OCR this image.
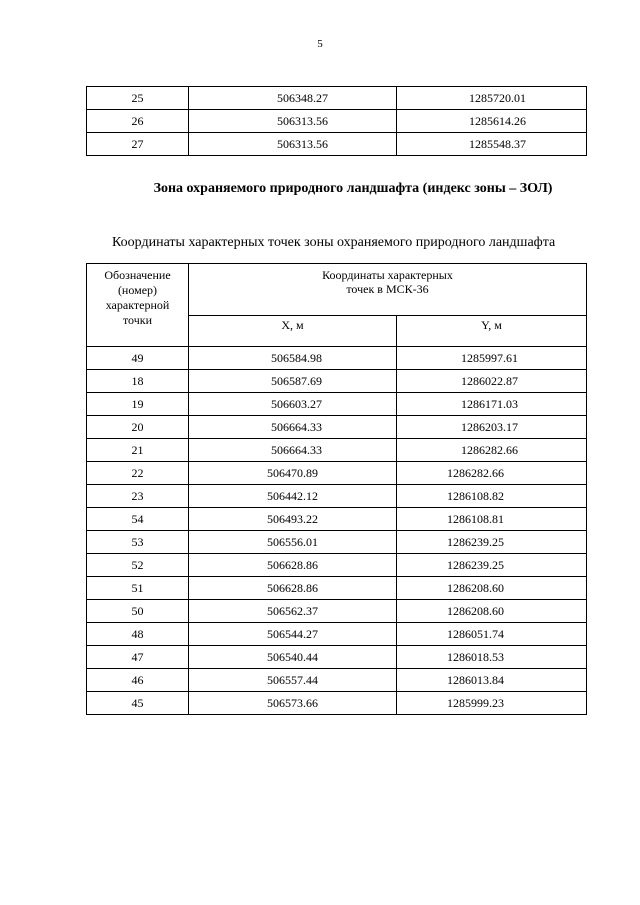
5
25	506348.27	1285720.01
26	506313.56	1285614.26
27	506313.56	1285548.37
Зона охраняемого природного ландшафта (индекс зоны – ЗОЛ)
Координаты характерных точек зоны охраняемого природного ландшафта
Обозначение
(номер)
характерной
точки	Координаты характерных
точек в МСК-36	

	X, м	Y, м
49	506584.98	1285997.61
18	506587.69	1286022.87
19	506603.27	1286171.03
20	506664.33	1286203.17
21	506664.33	1286282.66
22	506470.89	1286282.66
23	506442.12	1286108.82
54	506493.22	1286108.81
53	506556.01	1286239.25
52	506628.86	1286239.25
51	506628.86	1286208.60
50	506562.37	1286208.60
48	506544.27	1286051.74
47	506540.44	1286018.53
46	506557.44	1286013.84
45	506573.66	1285999.23
